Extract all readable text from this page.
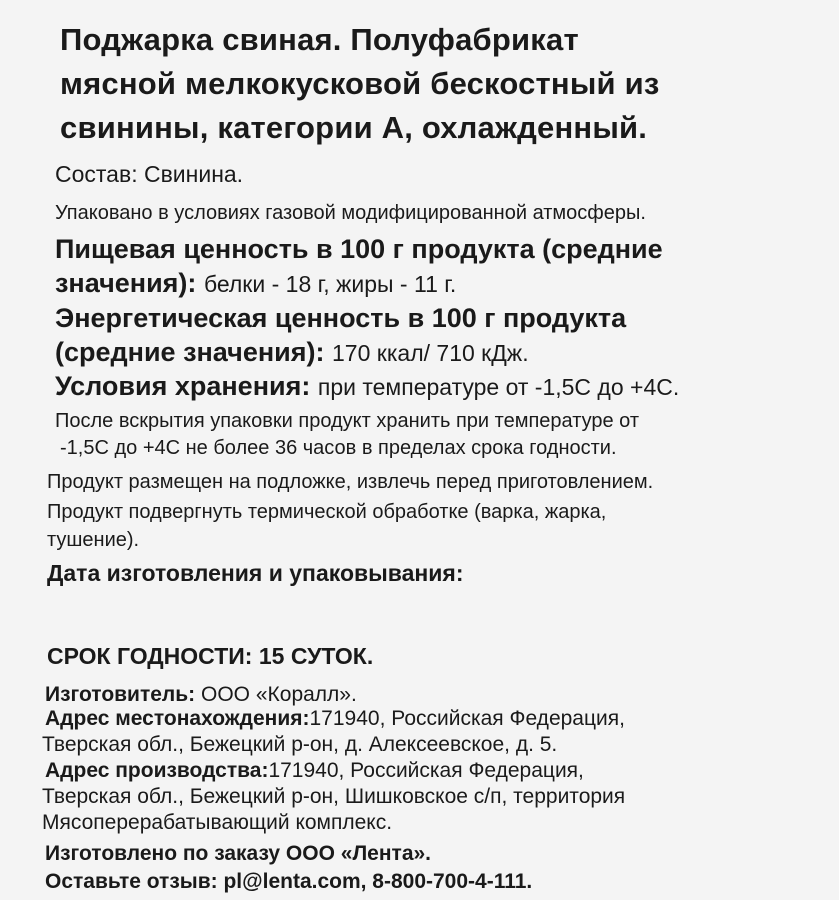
Поджарка свиная. Полуфабрикат
мясной мелкокусковой бескостный из
свинины, категории А, охлажденный.
Состав: Свинина.
Упаковано в условиях газовой модифицированной атмосферы.
Пищевая ценность в 100 г продукта (средние
значения): белки - 18 г, жиры - 11 г.
Энергетическая ценность в 100 г продукта
(средние значения): 170 ккал/ 710 кДж.
Условия хранения: при температуре от -1,5С до +4С.
После вскрытия упаковки продукт хранить при температуре от
-1,5С до +4С не более 36 часов в пределах срока годности.
Продукт размещен на подложке, извлечь перед приготовлением.
Продукт подвергнуть термической обработке (варка, жарка,
тушение).
Дата изготовления и упаковывания:
СРОК ГОДНОСТИ: 15 СУТОК.
Изготовитель: ООО «Коралл».
Адрес местонахождения:171940, Российская Федерация,
Тверская обл., Бежецкий р-он, д. Алексеевское, д. 5.
Адрес производства:171940, Российская Федерация,
Тверская обл., Бежецкий р-он, Шишковское с/п, территория
Мясоперерабатывающий комплекс.
Изготовлено по заказу ООО «Лента».
Оставьте отзыв: pl@lenta.com, 8-800-700-4-111.
